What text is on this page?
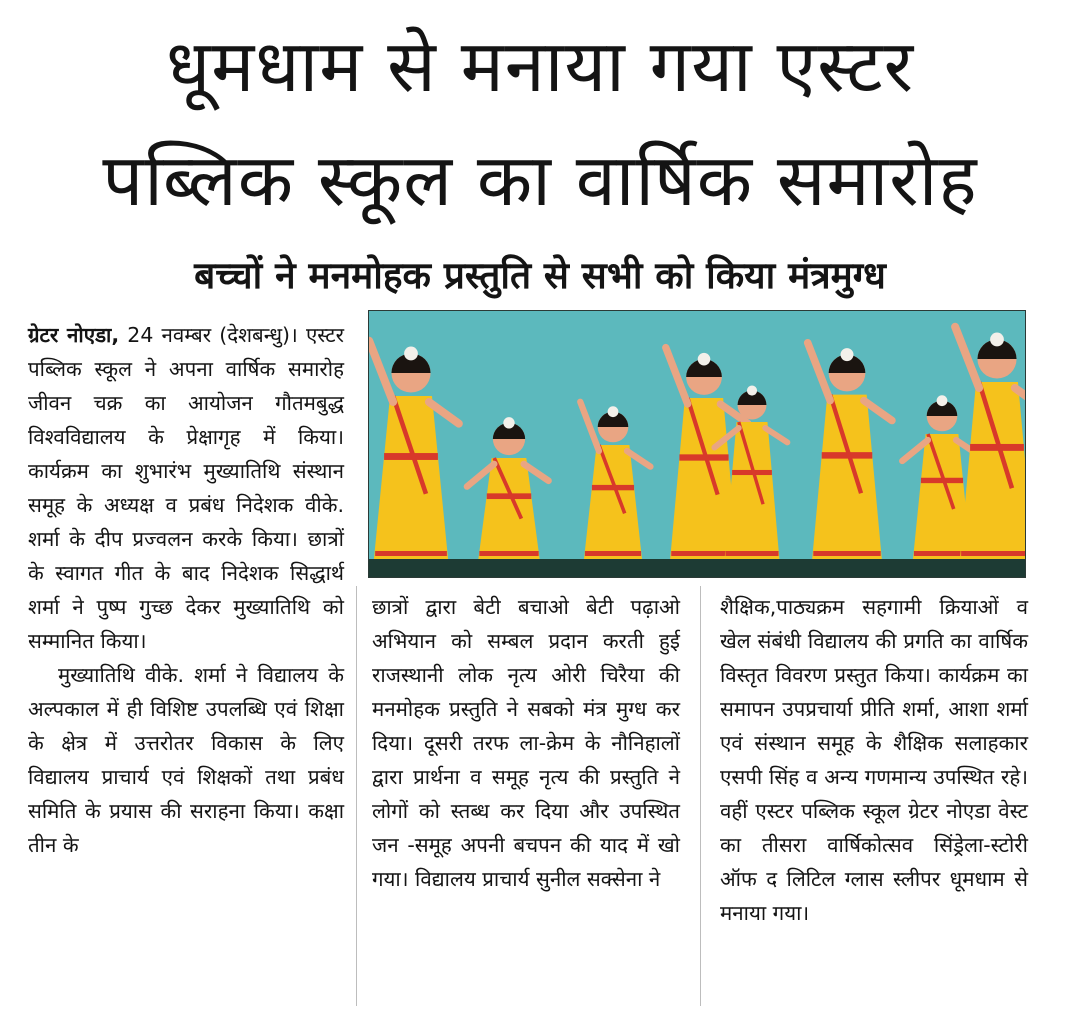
धूमधाम से मनाया गया एस्टर
पब्लिक स्कूल का वार्षिक समारोह
बच्चों ने मनमोहक प्रस्तुति से सभी को किया मंत्रमुग्ध

ग्रेटर नोएडा, 24 नवम्बर (देशबन्धु)। एस्टर पब्लिक स्कूल ने अपना वार्षिक समारोह जीवन चक्र का आयोजन गौतमबुद्ध विश्वविद्यालय के प्रेक्षागृह में किया। कार्यक्रम का शुभारंभ मुख्यातिथि संस्थान समूह के अध्यक्ष व प्रबंध निदेशक वीके. शर्मा के दीप प्रज्वलन करके किया। छात्रों के स्वागत गीत के बाद निदेशक सिद्धार्थ शर्मा ने पुष्प गुच्छ देकर मुख्यातिथि को सम्मानित किया।

मुख्यातिथि वीके. शर्मा ने विद्यालय के अल्पकाल में ही विशिष्ट उपलब्धि एवं शिक्षा के क्षेत्र में उत्तरोतर विकास के लिए विद्यालय प्राचार्य एवं शिक्षकों तथा प्रबंध समिति के प्रयास की सराहना किया। कक्षा तीन के

छात्रों द्वारा बेटी बचाओ बेटी पढ़ाओ अभियान को सम्बल प्रदान करती हुई राजस्थानी लोक नृत्य ओरी चिरैया की मनमोहक प्रस्तुति ने सबको मंत्र मुग्ध कर दिया। दूसरी तरफ ला-क्रेम के नौनिहालों द्वारा प्रार्थना व समूह नृत्य की प्रस्तुति ने लोगों को स्तब्ध कर दिया और उपस्थित जन -समूह अपनी बचपन की याद में खो गया। विद्यालय प्राचार्य सुनील सक्सेना ने

शैक्षिक,पाठ्यक्रम सहगामी क्रियाओं व खेल संबंधी विद्यालय की प्रगति का वार्षिक विस्तृत विवरण प्रस्तुत किया। कार्यक्रम का समापन उपप्रचार्या प्रीति शर्मा, आशा शर्मा एवं संस्थान समूह के शैक्षिक सलाहकार एसपी सिंह व अन्य गणमान्य उपस्थित रहे। वहीं एस्टर पब्लिक स्कूल ग्रेटर नोएडा वेस्ट का तीसरा वार्षिकोत्सव सिंड्रेला-स्टोरी ऑफ द लिटिल ग्लास स्लीपर धूमधाम से मनाया गया।
